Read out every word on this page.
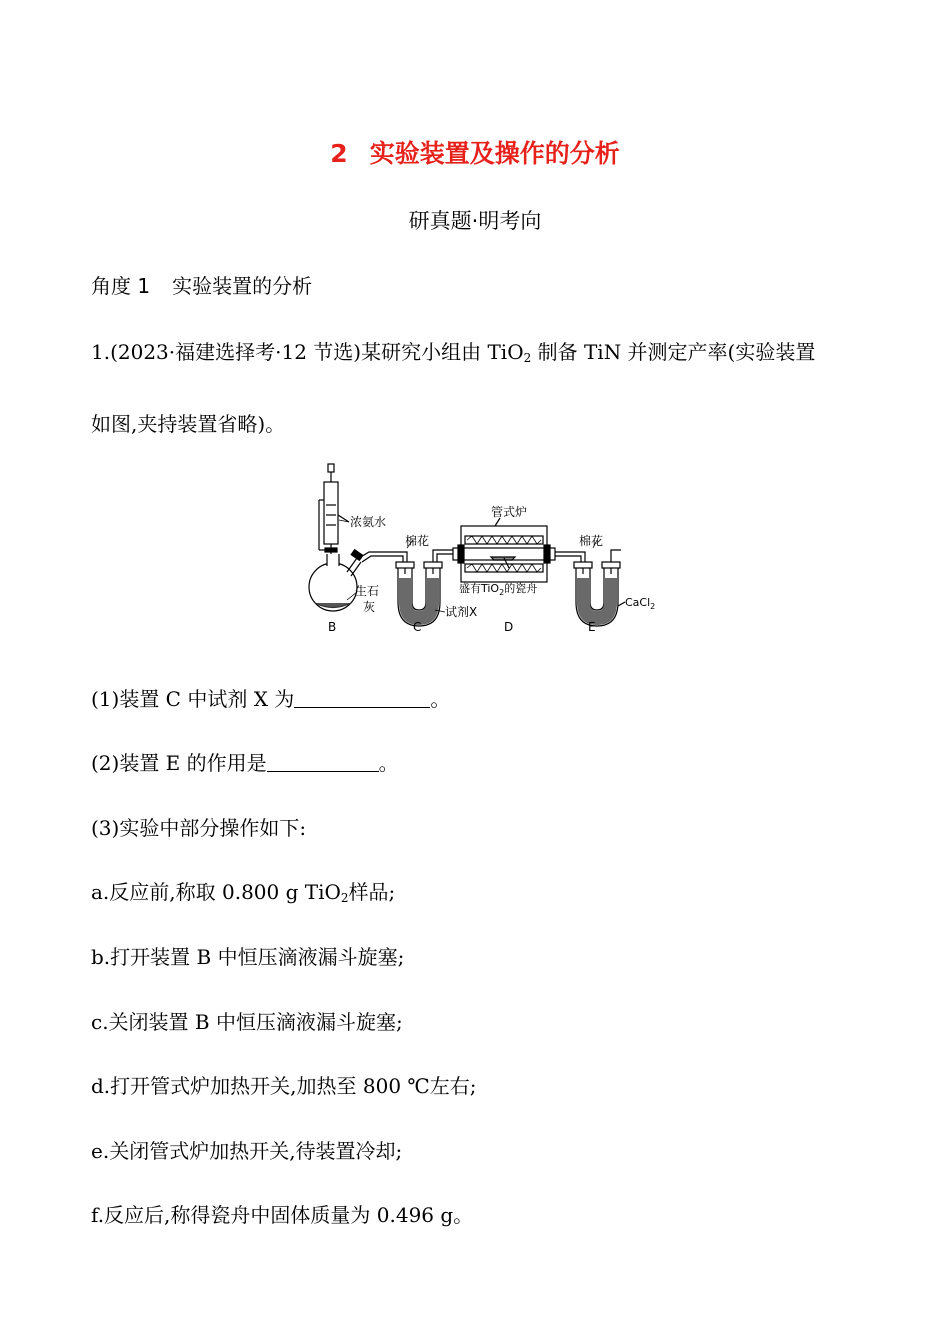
2 实验装置及操作的分析
研真题·明考向
角度 1 实验装置的分析
1.(2023·福建选择考·12 节选)某研究小组由 TiO$_2$ 制备 TiN 并测定产率(实验装置
如图,夹持装置省略)。
浓氨水
生石
灰
棉花
试剂X
管式炉
盛有TiO$_2$的瓷舟
棉花
CaCl$_2$
B	C	D	E
(1)装置 C 中试剂 X 为	。
(2)装置 E 的作用是	。
(3)实验中部分操作如下:
a.反应前,称取 0.800 g TiO$_2$样品;
b.打开装置 B 中恒压滴液漏斗旋塞;
c.关闭装置 B 中恒压滴液漏斗旋塞;
d.打开管式炉加热开关,加热至 800 ℃左右;
e.关闭管式炉加热开关,待装置冷却;
f.反应后,称得瓷舟中固体质量为 0.496 g。
